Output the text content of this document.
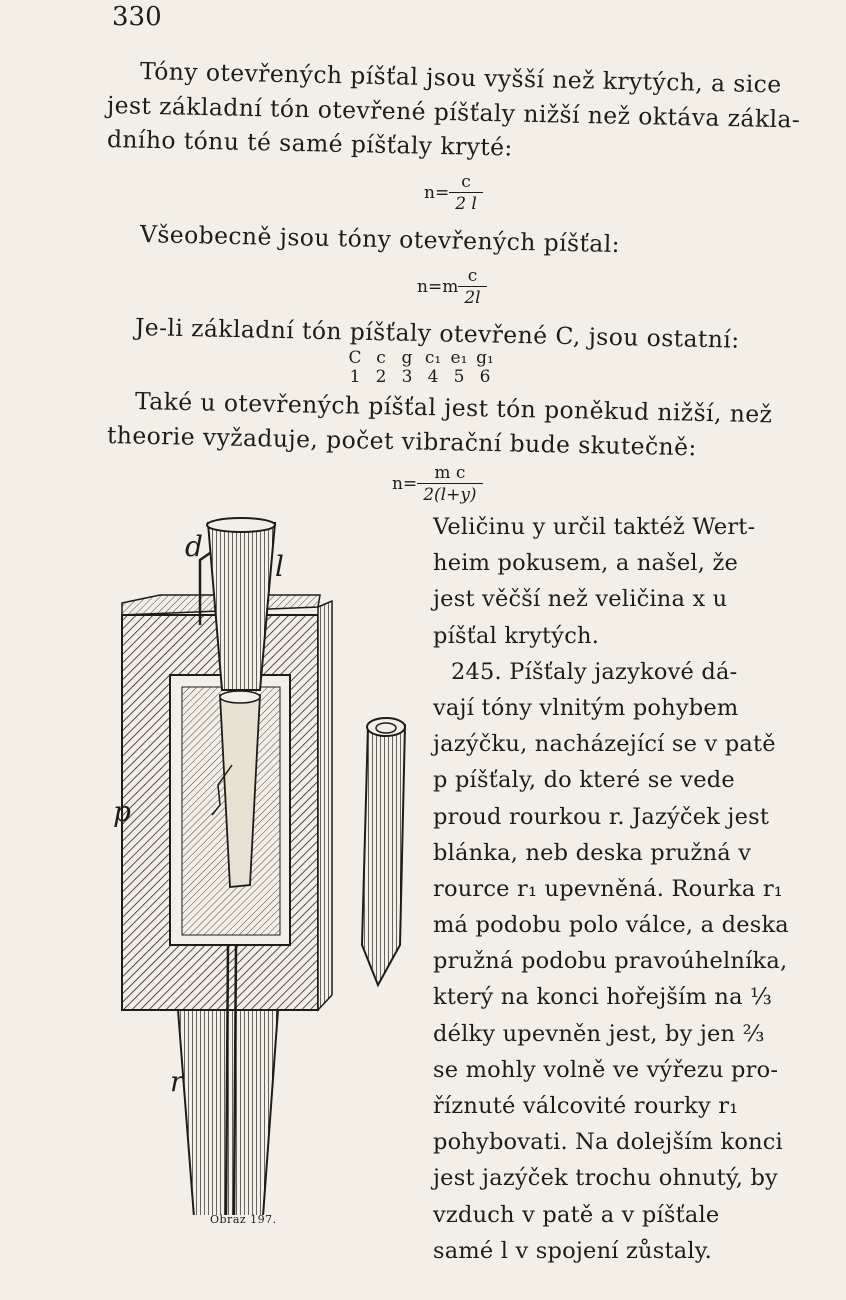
330
Tóny otevřených píšťal jsou vyšší než krytých, a sice
jest základní tón otevřené píšťaly nižší než oktáva zákla-
dního tónu té samé píšťaly kryté:
$n= \frac{c}{2 l}$
Všeobecně jsou tóny otevřených píšťal:
$n=m \frac{c}{2l}$
Je-li základní tón píšťaly otevřené C, jsou ostatní:
C	c	g	c₁	e₁	g₁
1	2	3	4	5	6
Také u otevřených píšťal jest tón poněkud nižší, než
theorie vyžaduje, počet vibrační bude skutečně:
$n= \frac{\text{m c}}{2(l+y)}$
Veličinu y určil taktéž Wert-
heim pokusem, a našel, že
jest věčší než veličina x u
píšťal krytých.
245. Píšťaly jazykové dá-
vají tóny vlnitým pohybem
jazýčku, nacházející se v patě
p píšťaly, do které se vede
proud rourkou r. Jazýček jest
blánka, neb deska pružná v
rource r₁ upevněná. Rourka r₁
má podobu polo válce, a deska
pružná podobu pravoúhelníka,
který na konci hořejším na ⅓
délky upevněn jest, by jen ⅔
se mohly volně ve výřezu pro-
říznuté válcovité rourky r₁
pohybovati. Na dolejším konci
jest jazýček trochu ohnutý, by
vzduch v patě a v píšťale
samé l v spojení zůstaly.
d
l
p
r
Obraz 197.
